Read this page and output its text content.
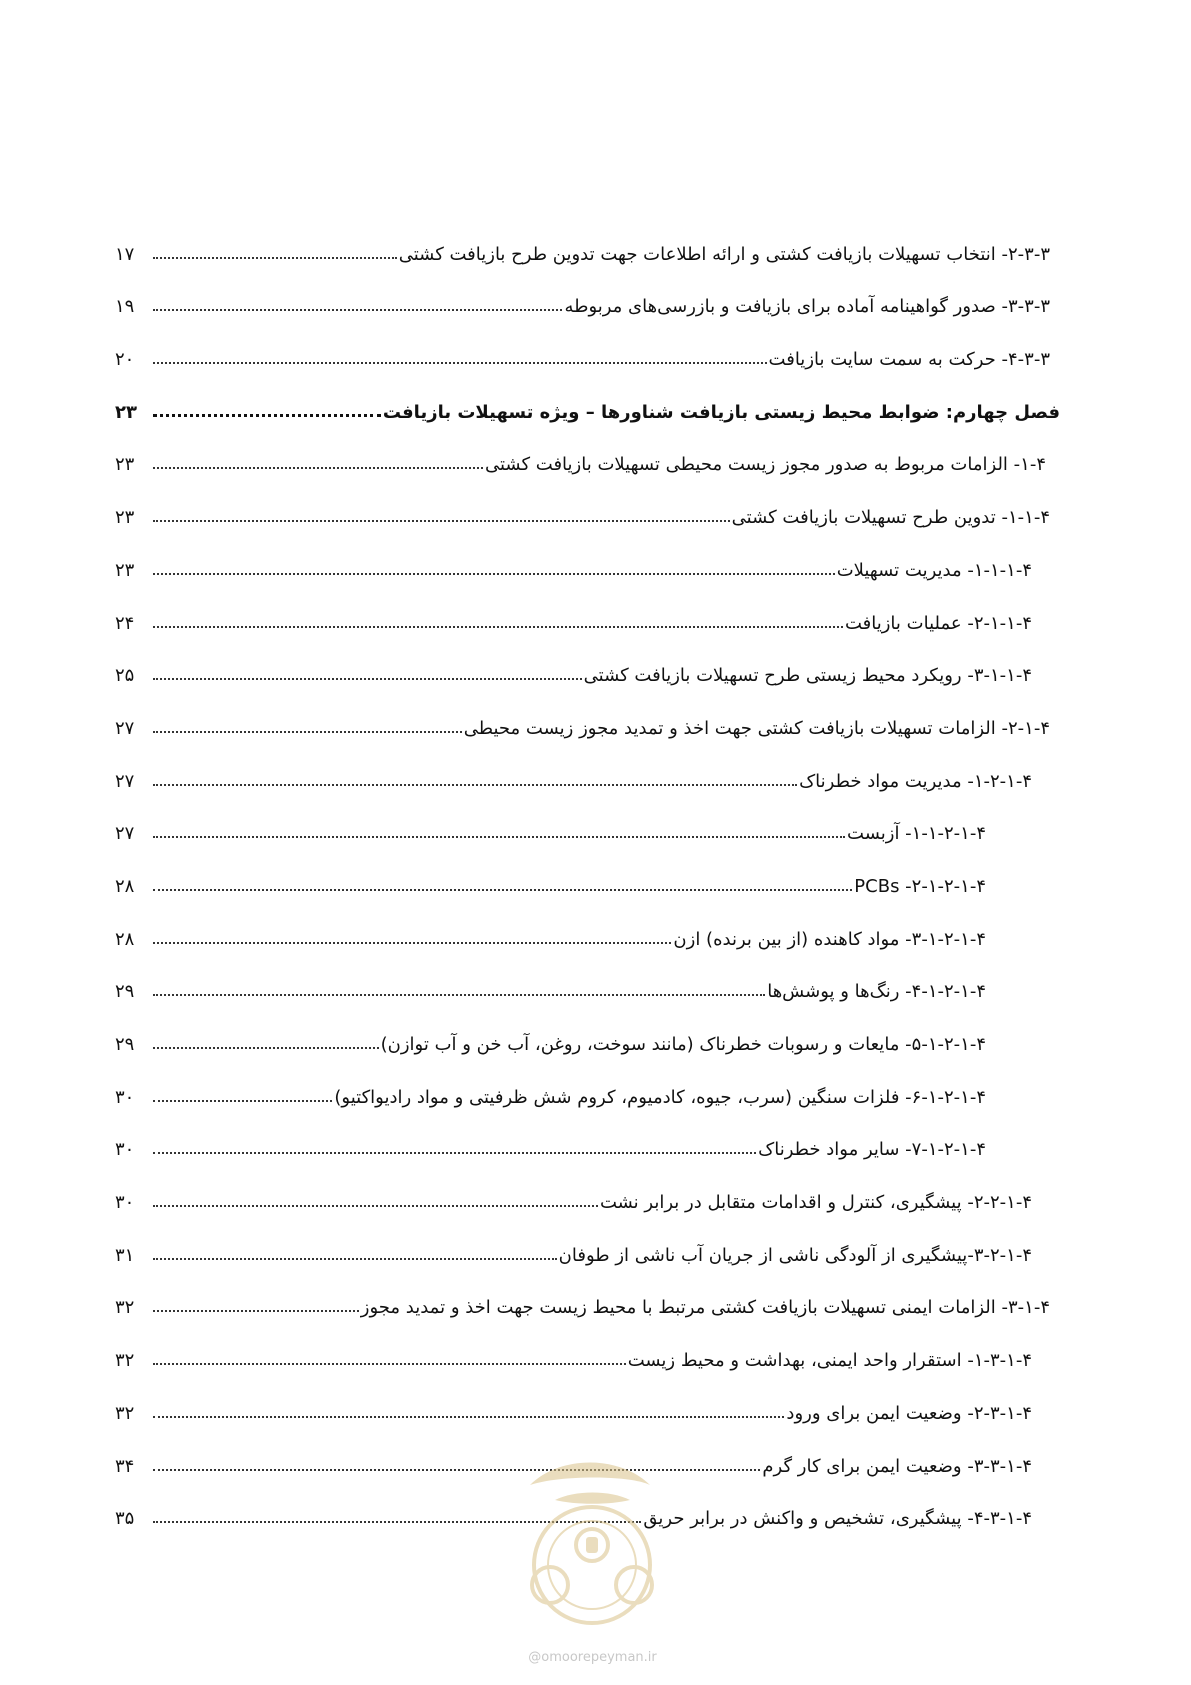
۲-۳-۳- انتخاب تسهیلات بازیافت کشتی و ارائه اطلاعات جهت تدوین طرح بازیافت کشتی
۱۷
۳-۳-۳- صدور گواهینامه آماده برای بازیافت و بازرسی‌های مربوطه
۱۹
۴-۳-۳- حرکت به سمت سایت بازیافت
۲۰
فصل چهارم: ضوابط محیط زیستی بازیافت شناورها – ویژه تسهیلات بازیافت
۲۳
۱-۴- الزامات مربوط به صدور مجوز زیست محیطی تسهیلات بازیافت کشتی
۲۳
۱-۱-۴- تدوین طرح تسهیلات بازیافت کشتی
۲۳
۱-۱-۱-۴- مدیریت تسهیلات
۲۳
۲-۱-۱-۴- عملیات بازیافت
۲۴
۳-۱-۱-۴- رویکرد محیط زیستی طرح تسهیلات بازیافت کشتی
۲۵
۲-۱-۴- الزامات تسهیلات بازیافت کشتی جهت اخذ و تمدید مجوز زیست محیطی
۲۷
۱-۲-۱-۴- مدیریت مواد خطرناک
۲۷
۱-۱-۲-۱-۴- آزبست
۲۷
۲-۱-۲-۱-۴- PCBs
۲۸
۳-۱-۲-۱-۴- مواد کاهنده (از بین برنده) ازن
۲۸
۴-۱-۲-۱-۴- رنگ‌ها و پوشش‌ها
۲۹
۵-۱-۲-۱-۴- مایعات و رسوبات خطرناک (مانند سوخت، روغن، آب خن و آب توازن)
۲۹
۶-۱-۲-۱-۴- فلزات سنگین (سرب، جیوه، کادمیوم، کروم شش ظرفیتی و مواد رادیواکتیو)
۳۰
۷-۱-۲-۱-۴- سایر مواد خطرناک
۳۰
۲-۲-۱-۴- پیشگیری، کنترل و اقدامات متقابل در برابر نشت
۳۰
۳-۲-۱-۴-پیشگیری از آلودگی ناشی از جریان آب ناشی از طوفان
۳۱
۳-۱-۴- الزامات ایمنی تسهیلات بازیافت کشتی مرتبط با محیط زیست جهت اخذ و تمدید مجوز
۳۲
۱-۳-۱-۴- استقرار واحد ایمنی، بهداشت و محیط زیست
۳۲
۲-۳-۱-۴- وضعیت ایمن برای ورود
۳۲
۳-۳-۱-۴- وضعیت ایمن برای کار گرم
۳۴
۴-۳-۱-۴- پیشگیری، تشخیص و واکنش در برابر حریق
۳۵
@omoorepeyman.ir
